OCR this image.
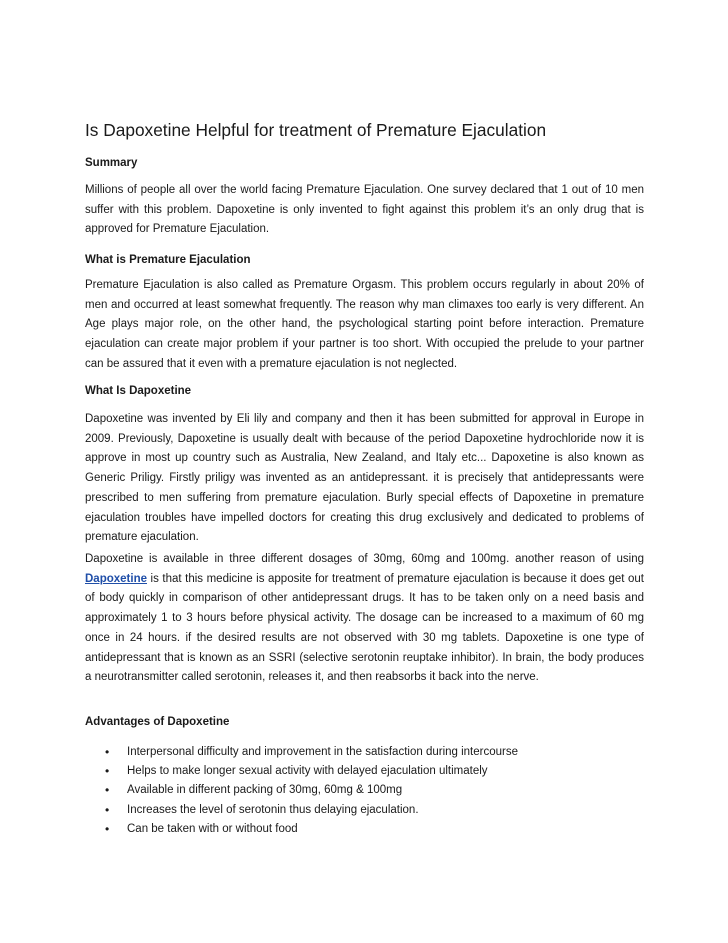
Is Dapoxetine Helpful for treatment of Premature Ejaculation
Summary

Millions of people all over the world facing Premature Ejaculation. One survey declared that 1 out of 10 men suffer with this problem. Dapoxetine is only invented to fight against this problem it’s an only drug that is approved for Premature Ejaculation.

What is Premature Ejaculation

Premature Ejaculation is also called as Premature Orgasm. This problem occurs regularly in about 20% of men and occurred at least somewhat frequently. The reason why man climaxes too early is very different. An Age plays major role, on the other hand, the psychological starting point before interaction. Premature ejaculation can create major problem if your partner is too short. With occupied the prelude to your partner can be assured that it even with a premature ejaculation is not neglected.

What Is Dapoxetine

Dapoxetine was invented by Eli lily and company and then it has been submitted for approval in Europe in 2009. Previously, Dapoxetine is usually dealt with because of the period Dapoxetine hydrochloride now it is approve in most up country such as Australia, New Zealand, and Italy etc... Dapoxetine is also known as Generic Priligy. Firstly priligy was invented as an antidepressant. it is precisely that antidepressants were prescribed to men suffering from premature ejaculation. Burly special effects of Dapoxetine in premature ejaculation troubles have impelled doctors for creating this drug exclusively and dedicated to problems of premature ejaculation.

Dapoxetine is available in three different dosages of 30mg, 60mg and 100mg. another reason of using Dapoxetine is that this medicine is apposite for treatment of premature ejaculation is because it does get out of body quickly in comparison of other antidepressant drugs. It has to be taken only on a need basis and approximately 1 to 3 hours before physical activity. The dosage can be increased to a maximum of 60 mg once in 24 hours. if the desired results are not observed with 30 mg tablets. Dapoxetine is one type of antidepressant that is known as an SSRI (selective serotonin reuptake inhibitor). In brain, the body produces a neurotransmitter called serotonin, releases it, and then reabsorbs it back into the nerve.

Advantages of Dapoxetine
• Interpersonal difficulty and improvement in the satisfaction during intercourse
• Helps to make longer sexual activity with delayed ejaculation ultimately
• Available in different packing of 30mg, 60mg & 100mg
• Increases the level of serotonin thus delaying ejaculation.
• Can be taken with or without food
